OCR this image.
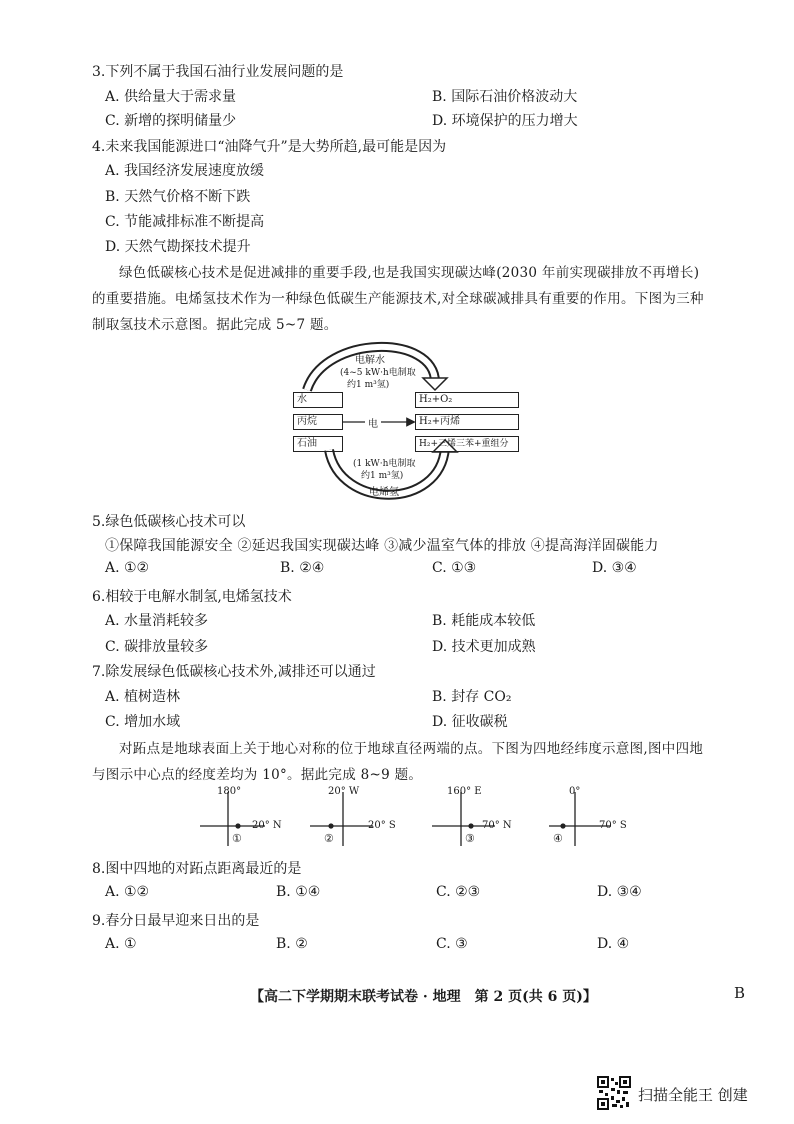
3.下列不属于我国石油行业发展问题的是
A. 供给量大于需求量	B. 国际石油价格波动大
C. 新增的探明储量少	D. 环境保护的压力增大
4.未来我国能源进口“油降气升”是大势所趋,最可能是因为
A. 我国经济发展速度放缓
B. 天然气价格不断下跌
C. 节能减排标准不断提高
D. 天然气勘探技术提升
绿色低碳核心技术是促进减排的重要手段,也是我国实现碳达峰(2030 年前实现碳排放不再增长)的重要措施。电烯氢技术作为一种绿色低碳生产能源技术,对全球碳减排具有重要的作用。下图为三种制取氢技术示意图。据此完成 5~7 题。
电解水
(4~5 kW·h电制取
约1 m³氢)
水
丙烷
石油
电
H₂+O₂
H₂+丙烯
H₂+三烯三苯+重组分
(1 kW·h电制取
约1 m³氢)
电烯氢
5.绿色低碳核心技术可以
①保障我国能源安全 ②延迟我国实现碳达峰 ③减少温室气体的排放 ④提高海洋固碳能力
A. ①②	B. ②④	C. ①③	D. ③④
6.相较于电解水制氢,电烯氢技术
A. 水量消耗较多	B. 耗能成本较低
C. 碳排放量较多	D. 技术更加成熟
7.除发展绿色低碳核心技术外,减排还可以通过
A. 植树造林	B. 封存 CO₂
C. 增加水域	D. 征收碳税
对跖点是地球表面上关于地心对称的位于地球直径两端的点。下图为四地经纬度示意图,图中四地与图示中心点的经度差均为 10°。据此完成 8~9 题。
180°
20° N
①
20° W
20° S
②
160° E
70° N
③
0°
70° S
④
8.图中四地的对跖点距离最近的是
A. ①②	B. ①④	C. ②③	D. ③④
9.春分日最早迎来日出的是
A. ①	B. ②	C. ③	D. ④
【高二下学期期末联考试卷 · 地理　第 2 页(共 6 页)】	B
扫描全能王 创建
